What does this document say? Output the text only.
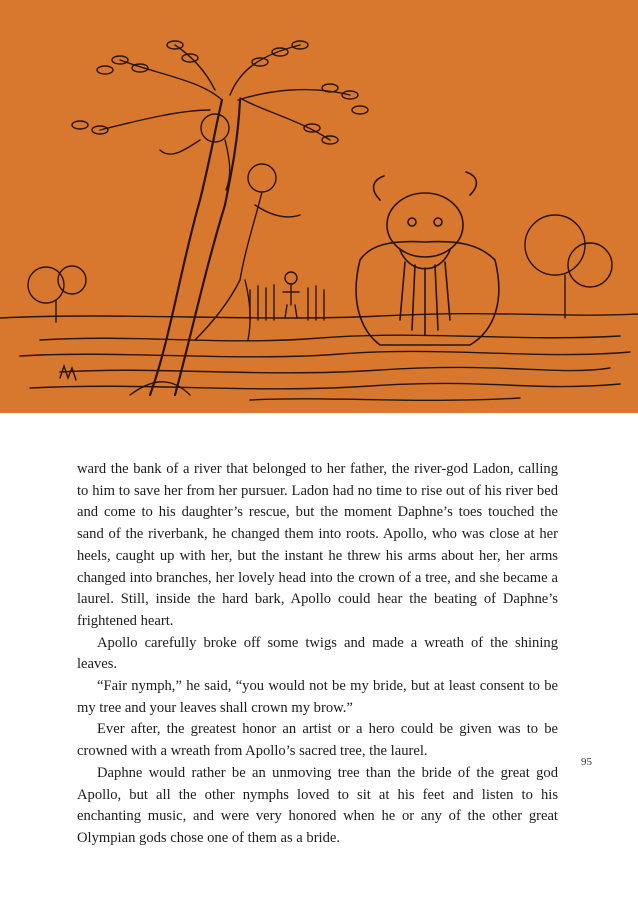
ward the bank of a river that belonged to her father, the river-god Ladon, calling to him to save her from her pursuer. Ladon had no time to rise out of his river bed and come to his daughter’s rescue, but the moment Daphne’s toes touched the sand of the riverbank, he changed them into roots. Apollo, who was close at her heels, caught up with her, but the instant he threw his arms about her, her arms changed into branches, her lovely head into the crown of a tree, and she became a laurel. Still, inside the hard bark, Apollo could hear the beating of Daphne’s frightened heart.

Apollo carefully broke off some twigs and made a wreath of the shining leaves.

“Fair nymph,” he said, “you would not be my bride, but at least consent to be my tree and your leaves shall crown my brow.”

Ever after, the greatest honor an artist or a hero could be given was to be crowned with a wreath from Apollo’s sacred tree, the laurel.

Daphne would rather be an unmoving tree than the bride of the great god Apollo, but all the other nymphs loved to sit at his feet and listen to his enchanting music, and were very honored when he or any of the other great Olympian gods chose one of them as a bride.

95
